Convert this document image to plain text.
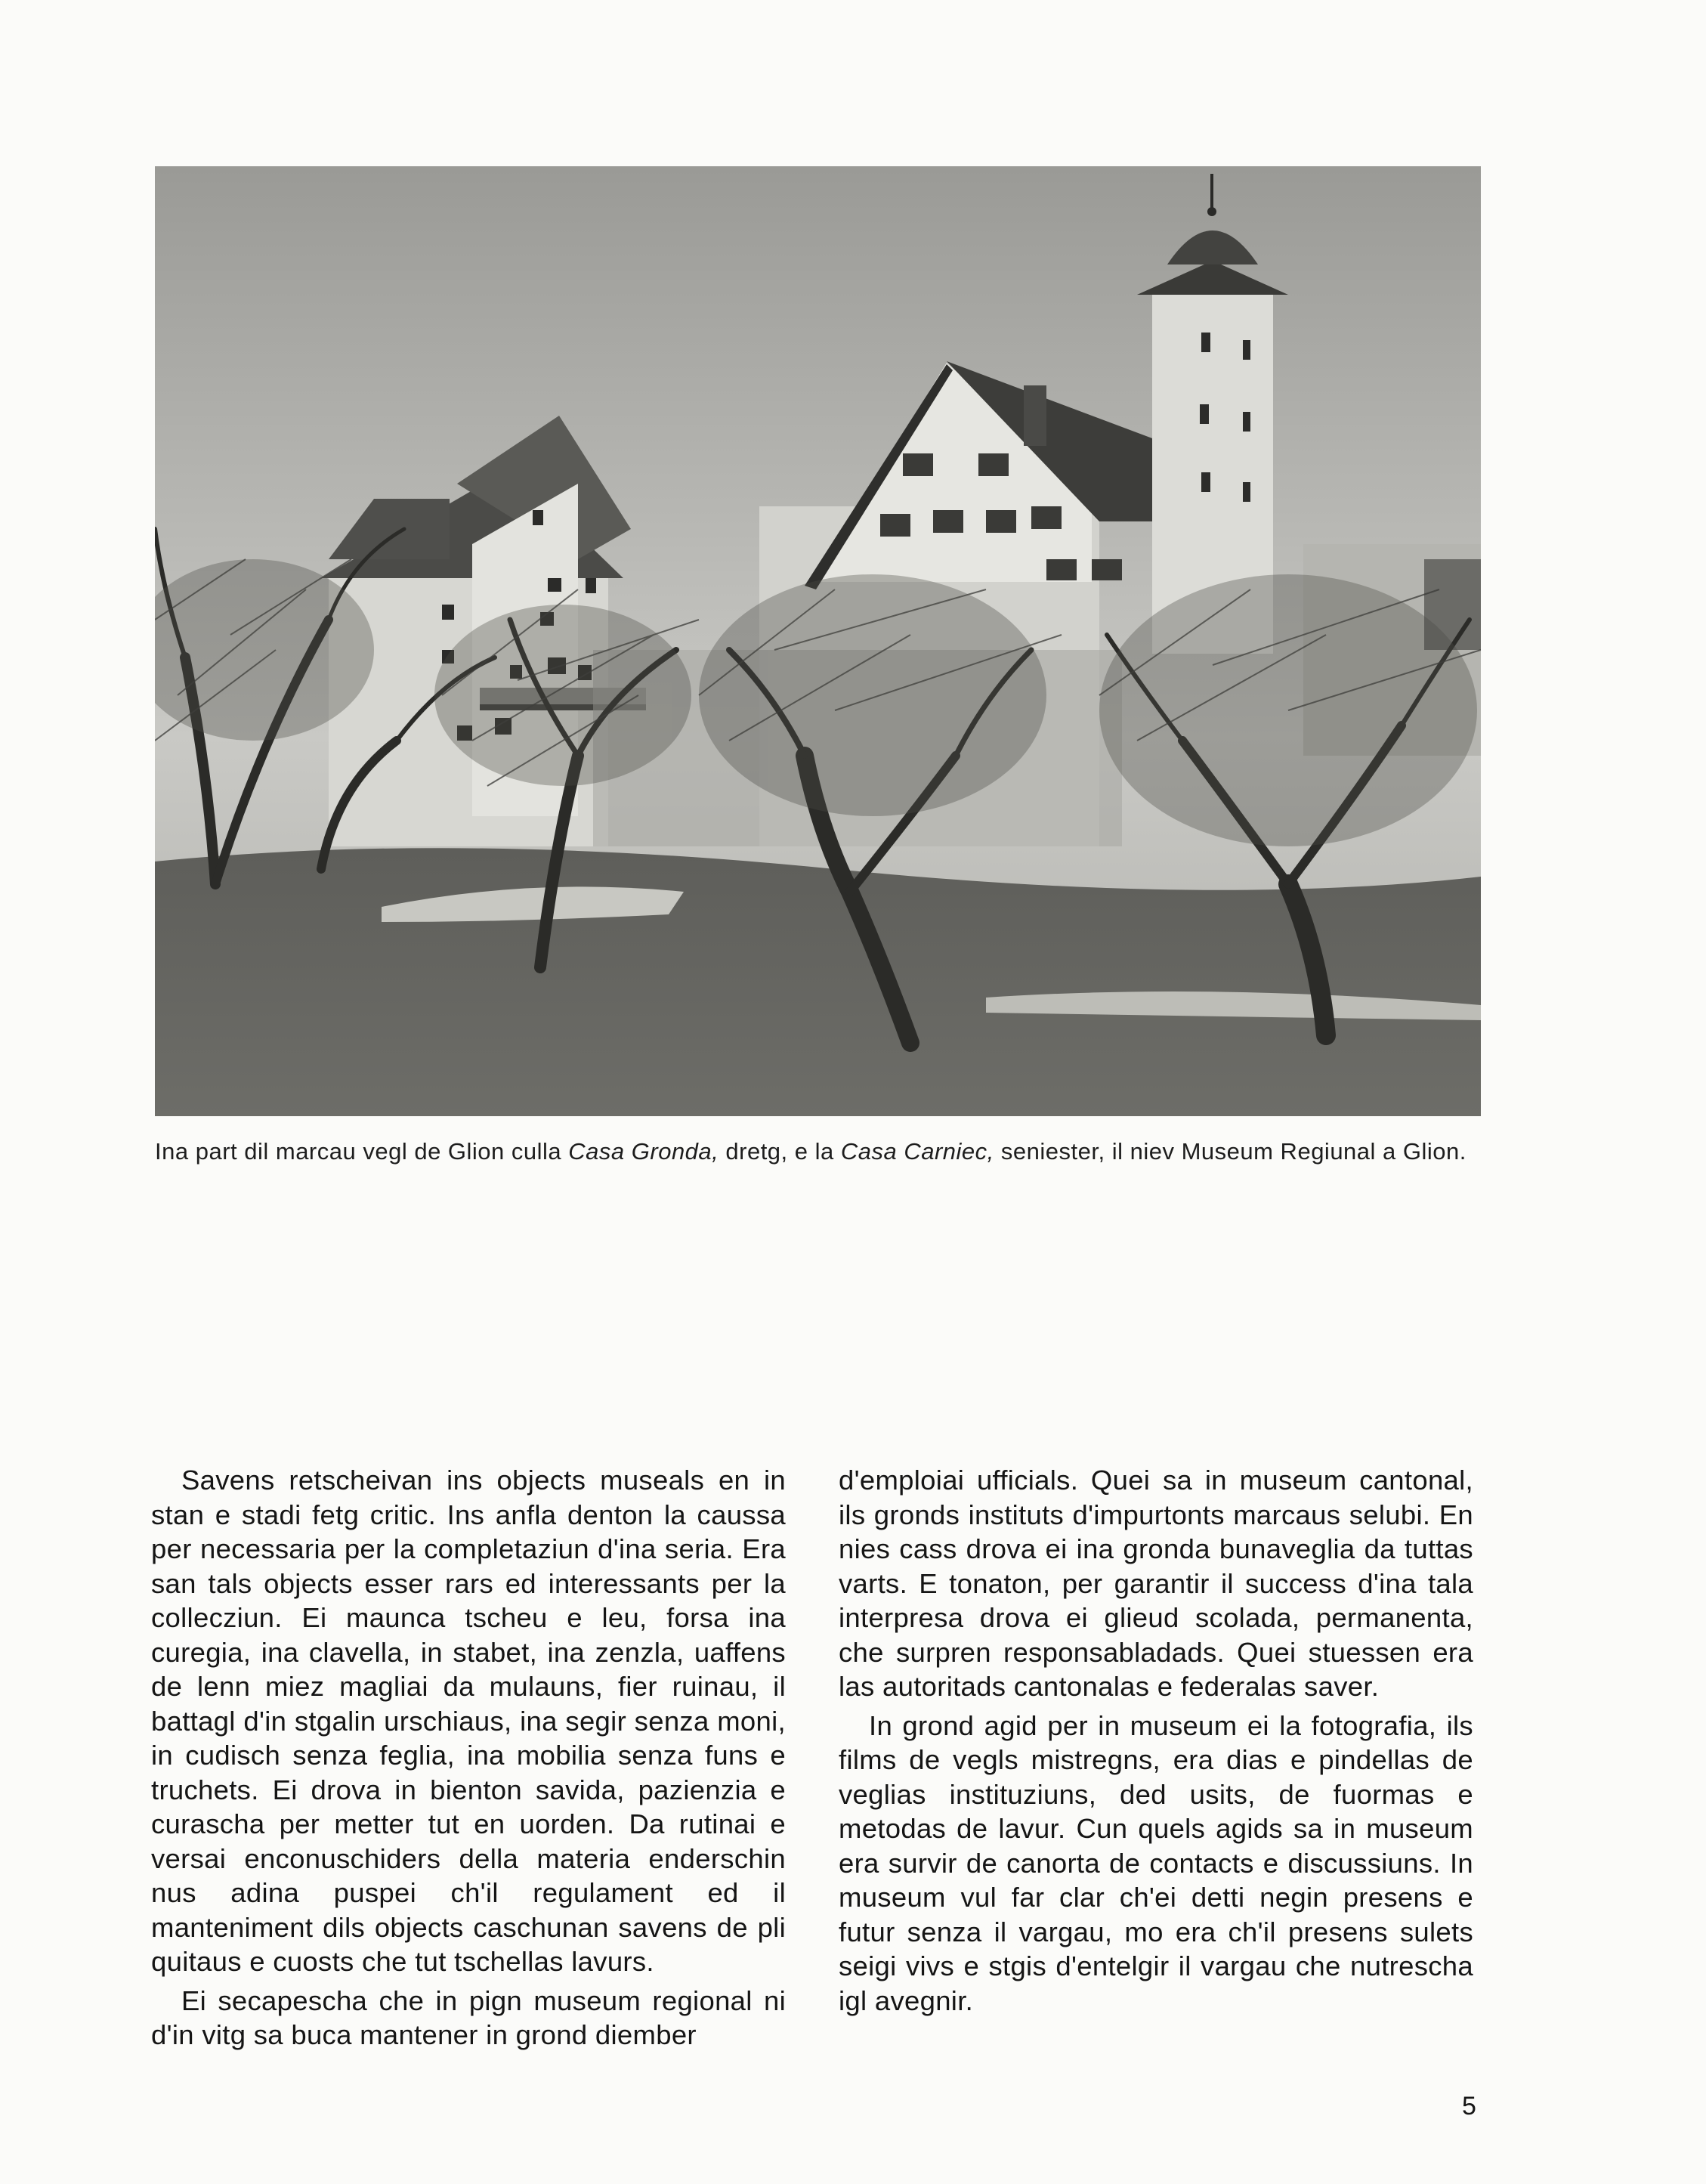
Ina part dil marcau vegl de Glion culla Casa Gronda, dretg, e la Casa Carniec, seniester, il niev Museum Regiunal a Glion.

Savens retscheivan ins objects museals en in stan e stadi fetg critic. Ins anfla denton la caussa per necessaria per la completaziun d'ina seria. Era san tals objects esser rars ed interessants per la collecziun. Ei maunca tscheu e leu, forsa ina curegia, ina clavella, in stabet, ina zenzla, uaffens de lenn miez magliai da mulauns, fier ruinau, il battagl d'in stgalin urschiaus, ina segir senza moni, in cudisch senza feglia, ina mobilia senza funs e truchets. Ei drova in bienton savida, pazienzia e curascha per metter tut en uorden. Da rutinai e versai enconuschiders della materia enderschin nus adina puspei ch'il regulament ed il manteniment dils objects caschunan savens de pli quitaus e cuosts che tut tschellas lavurs.

Ei secapescha che in pign museum regional ni d'in vitg sa buca mantener in grond diember

d'emploiai ufficials. Quei sa in museum cantonal, ils gronds instituts d'impurtonts marcaus selubi. En nies cass drova ei ina gronda bunaveglia da tuttas varts. E tonaton, per garantir il success d'ina tala interpresa drova ei glieud scolada, permanenta, che surpren responsabladads. Quei stuessen era las autoritads cantonalas e federalas saver.

In grond agid per in museum ei la fotografia, ils films de vegls mistregns, era dias e pindellas de veglias instituziuns, ded usits, de fuormas e metodas de lavur. Cun quels agids sa in museum era survir de canorta de contacts e discussiuns. In museum vul far clar ch'ei detti negin presens e futur senza il vargau, mo era ch'il presens sulets seigi vivs e stgis d'entelgir il vargau che nutrescha igl avegnir.

5
